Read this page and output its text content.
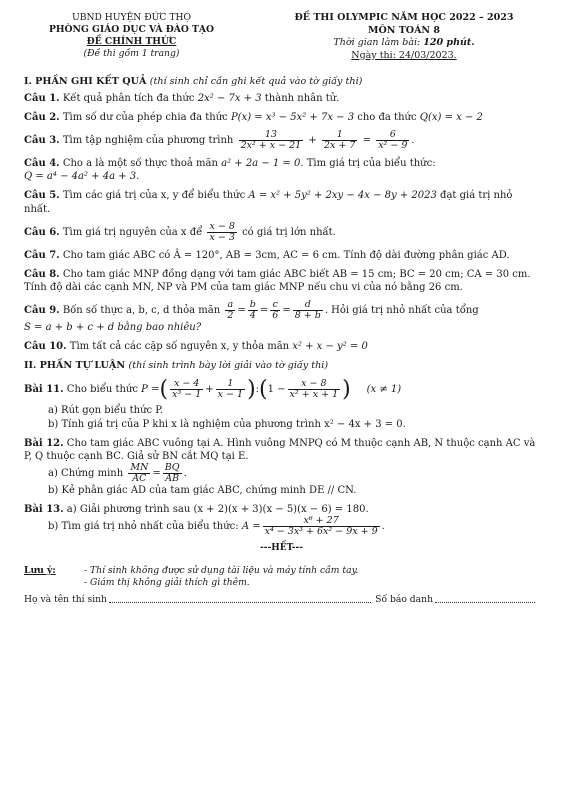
UBND HUYỆN ĐỨC THỌ
PHÒNG GIÁO DỤC VÀ ĐÀO TẠO
ĐỀ CHÍNH THỨC
(Đề thi gồm 1 trang)
ĐỀ THI OLYMPIC NĂM HỌC 2022 – 2023
MÔN TOÁN 8
Thời gian làm bài: 120 phút.
Ngày thi: 24/03/2023.
I. PHẦN GHI KẾT QUẢ (thí sinh chỉ cần ghi kết quả vào tờ giấy thi)
Câu 1. Kết quả phân tích đa thức 2x² − 7x + 3 thành nhân tử.
Câu 2. Tìm số dư của phép chia đa thức P(x) = x³ − 5x² + 7x − 3 cho đa thức Q(x) = x − 2
Câu 3. Tìm tập nghiệm của phương trình $\frac{13}{\text{2x² + x − 21}} + \frac{1}{2x + 7} = \frac{6}{\text{x² − 9}}$ .
Câu 4. Cho a là một số thực thoả mãn a² + 2a − 1 = 0. Tìm giá trị của biểu thức:
Q = a⁴ − 4a² + 4a + 3.
Câu 5. Tìm các giá trị của x, y để biểu thức A = x² + 5y² + 2xy − 4x − 8y + 2023 đạt giá trị nhỏ nhất.
Câu 6. Tìm giá trị nguyên của x để $\frac{x - 8}{x - 3}$ có giá trị lớn nhất.
Câu 7. Cho tam giác ABC có Â = 120°, AB = 3cm, AC = 6 cm. Tính độ dài đường phân giác AD.
Câu 8. Cho tam giác MNP đồng dạng với tam giác ABC biết AB = 15 cm; BC = 20 cm; CA = 30 cm. Tính độ dài các cạnh MN, NP và PM của tam giác MNP nếu chu vi của nó bằng 26 cm.
Câu 9. Bốn số thực a, b, c, d thỏa mãn $\frac{a}{2} = \frac{b}{4} = \frac{c}{6} = \frac{d}{8 + b}$ . Hỏi giá trị nhỏ nhất của tổng
S = a + b + c + d bằng bao nhiêu?
Câu 10. Tìm tất cả các cặp số nguyên x, y thỏa mãn x² + x − y² = 0
II. PHẦN TỰ LUẬN (thí sinh trình bày lời giải vào tờ giấy thi)
Bài 11. Cho biểu thức P =( $\frac{x - 4}{\text{x³ − 1}} + \frac{1}{x - 1}$ ):(1 − $\frac{x - 8}{\text{x² + x + 1}}$ ) (x ≠ 1)
a) Rút gọn biểu thức P.
b) Tính giá trị của P khi x là nghiệm của phương trình x² − 4x + 3 = 0.
Bài 12. Cho tam giác ABC vuông tại A. Hình vuông MNPQ có M thuộc cạnh AB, N thuộc cạnh AC và P, Q thuộc cạnh BC. Giả sử BN cắt MQ tại E.
a) Chứng minh $\frac{MN}{AC} = \frac{BQ}{AB}$ .
b) Kẻ phân giác AD của tam giác ABC, chứng minh DE // CN.
Bài 13. a) Giải phương trình sau (x + 2)(x + 3)(x − 5)(x − 6) = 180.
b) Tìm giá trị nhỏ nhất của biểu thức: $A = \frac{\text{x⁶ + 27}}{\text{x⁴ − 3x³ + 6x² − 9x + 9}}$ .
---HẾT---
Lưu ý:	- Thí sinh không được sử dụng tài liệu và máy tính cầm tay.
- Giám thị không giải thích gì thêm.
Họ và tên thí sinh	Số báo danh
